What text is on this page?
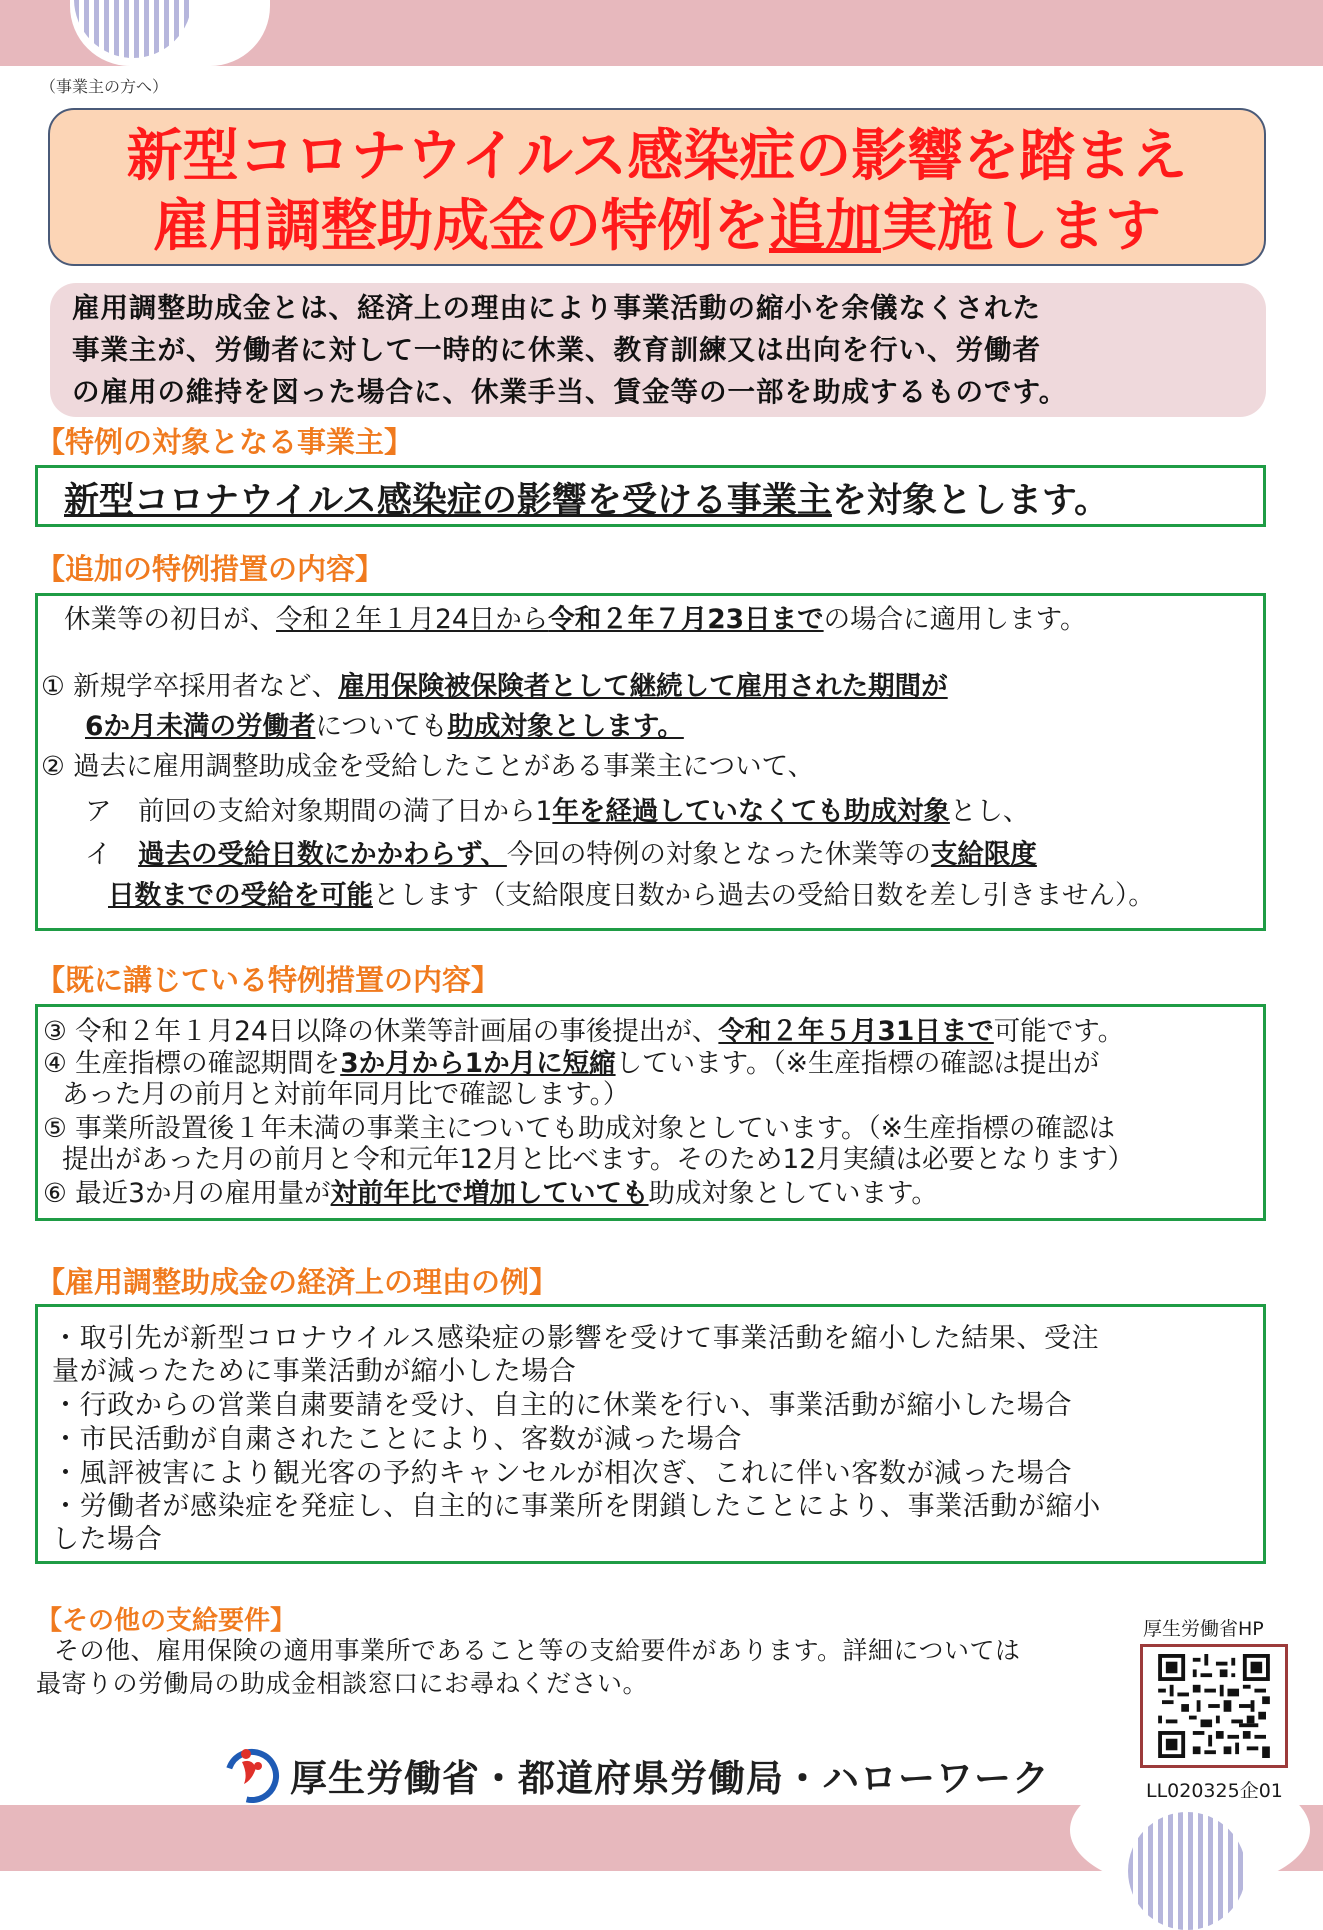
（事業主の方へ）
新型コロナウイルス感染症の影響を踏まえ
雇用調整助成金の特例を追加実施します
雇用調整助成金とは、経済上の理由により事業活動の縮小を余儀なくされた
事業主が、労働者に対して一時的に休業、教育訓練又は出向を行い、労働者
の雇用の維持を図った場合に、休業手当、賃金等の一部を助成するものです。
【特例の対象となる事業主】
新型コロナウイルス感染症の影響を受ける事業主を対象とします。
【追加の特例措置の内容】
休業等の初日が、令和２年１月24日から令和２年７月23日までの場合に適用します。
① 新規学卒採用者など、雇用保険被保険者として継続して雇用された期間が
6か月未満の労働者についても助成対象とします。
② 過去に雇用調整助成金を受給したことがある事業主について、
ア　前回の支給対象期間の満了日から1年を経過していなくても助成対象とし、
イ　過去の受給日数にかかわらず、今回の特例の対象となった休業等の支給限度
日数までの受給を可能とします（支給限度日数から過去の受給日数を差し引きません）。
【既に講じている特例措置の内容】
③ 令和２年１月24日以降の休業等計画届の事後提出が、令和２年５月31日まで可能です。
④ 生産指標の確認期間を3か月から1か月に短縮しています。（※生産指標の確認は提出が
あった月の前月と対前年同月比で確認します。）
⑤ 事業所設置後１年未満の事業主についても助成対象としています。（※生産指標の確認は
提出があった月の前月と令和元年12月と比べます。そのため12月実績は必要となります）
⑥ 最近3か月の雇用量が対前年比で増加していても助成対象としています。
【雇用調整助成金の経済上の理由の例】
・取引先が新型コロナウイルス感染症の影響を受けて事業活動を縮小した結果、受注
量が減ったために事業活動が縮小した場合
・行政からの営業自粛要請を受け、自主的に休業を行い、事業活動が縮小した場合
・市民活動が自粛されたことにより、客数が減った場合
・風評被害により観光客の予約キャンセルが相次ぎ、これに伴い客数が減った場合
・労働者が感染症を発症し、自主的に事業所を閉鎖したことにより、事業活動が縮小
した場合
【その他の支給要件】
その他、雇用保険の適用事業所であること等の支給要件があります。詳細については
最寄りの労働局の助成金相談窓口にお尋ねください。
厚生労働省HP
LL020325企01
厚生労働省・都道府県労働局・ハローワーク
